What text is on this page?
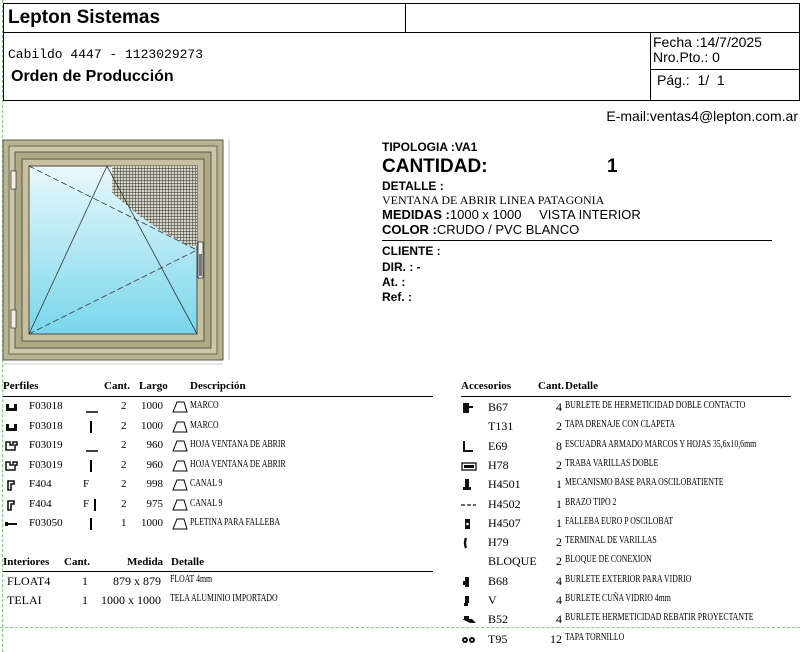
Lepton Sistemas
Cabildo 4447 - 1123029273
Orden de Producción
Fecha :14/7/2025
Nro.Pto.: 0
Pág.:  1/  1
E-mail:ventas4@lepton.com.ar
TIPOLOGIA :VA1
CANTIDAD:	1
DETALLE :
VENTANA DE ABRIR LINEA PATAGONIA
MEDIDAS :1000 x 1000 VISTA INTERIOR
COLOR :CRUDO / PVC BLANCO
CLIENTE :
DIR. : -
At. :
Ref. :
Perfiles	Cant. Largo Descripción
F03018	2 1000	MARCO
F03018	2 1000	MARCO
F03019	2 960	HOJA VENTANA DE ABRIR
F03019	2 960	HOJA VENTANA DE ABRIR
F404	F	2 998	CANAL 9
F404	F	2 975	CANAL 9
F03050	1 1000	PLETINA PARA FALLEBA
Interiores Cant.	Medida Detalle
FLOAT4	1 879 x 879 FLOAT 4mm
TELAI	1 1000 x 1000 TELA ALUMINIO IMPORTADO
Accesorios Cant. Detalle
B67	4 BURLETE DE HERMETICIDAD DOBLE CONTACTO
T131	2 TAPA DRENAJE CON CLAPETA
E69	8 ESCUADRA ARMADO MARCOS Y HOJAS 35,6x10,6mm
H78	2 TRABA VARILLAS DOBLE
H4501	1 MECANISMO BASE PARA OSCILOBATIENTE
H4502	1 BRAZO TIPO 2
H4507	1 FALLEBA EURO P OSCILOBAT
H79	2 TERMINAL DE VARILLAS
BLOQUE 2 BLOQUE DE CONEXION
B68	4 BURLETE EXTERIOR PARA VIDRIO
V	4 BURLETE CUÑA VIDRIO 4mm
B52	4 BURLETE HERMETICIDAD REBATIR PROYECTANTE
T95	12 TAPA TORNILLO
